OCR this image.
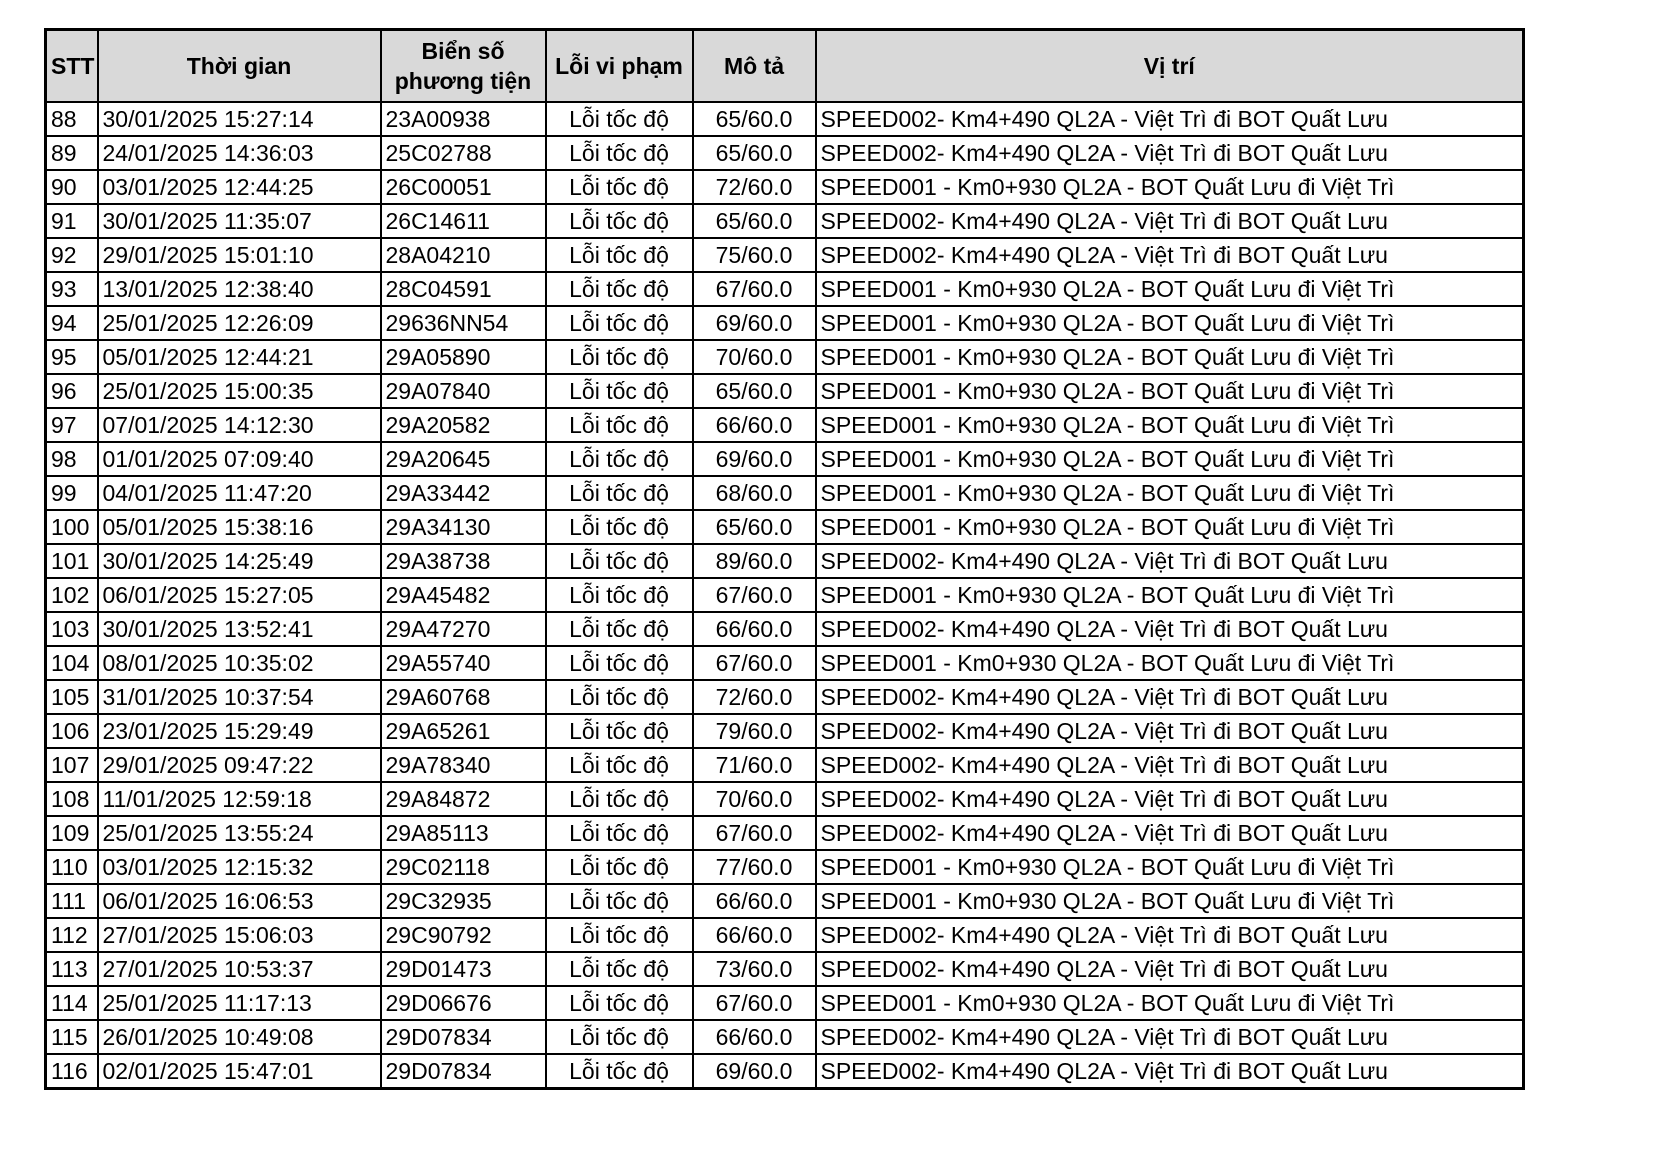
STT	Thời gian	Biển số phương tiện	Lỗi vi phạm	Mô tả	Vị trí
88	30/01/2025 15:27:14	23A00938	Lỗi tốc độ	65/60.0	SPEED002- Km4+490 QL2A - Việt Trì đi BOT Quất Lưu
89	24/01/2025 14:36:03	25C02788	Lỗi tốc độ	65/60.0	SPEED002- Km4+490 QL2A - Việt Trì đi BOT Quất Lưu
90	03/01/2025 12:44:25	26C00051	Lỗi tốc độ	72/60.0	SPEED001 - Km0+930 QL2A - BOT Quất Lưu đi Việt Trì
91	30/01/2025 11:35:07	26C14611	Lỗi tốc độ	65/60.0	SPEED002- Km4+490 QL2A - Việt Trì đi BOT Quất Lưu
92	29/01/2025 15:01:10	28A04210	Lỗi tốc độ	75/60.0	SPEED002- Km4+490 QL2A - Việt Trì đi BOT Quất Lưu
93	13/01/2025 12:38:40	28C04591	Lỗi tốc độ	67/60.0	SPEED001 - Km0+930 QL2A - BOT Quất Lưu đi Việt Trì
94	25/01/2025 12:26:09	29636NN54	Lỗi tốc độ	69/60.0	SPEED001 - Km0+930 QL2A - BOT Quất Lưu đi Việt Trì
95	05/01/2025 12:44:21	29A05890	Lỗi tốc độ	70/60.0	SPEED001 - Km0+930 QL2A - BOT Quất Lưu đi Việt Trì
96	25/01/2025 15:00:35	29A07840	Lỗi tốc độ	65/60.0	SPEED001 - Km0+930 QL2A - BOT Quất Lưu đi Việt Trì
97	07/01/2025 14:12:30	29A20582	Lỗi tốc độ	66/60.0	SPEED001 - Km0+930 QL2A - BOT Quất Lưu đi Việt Trì
98	01/01/2025 07:09:40	29A20645	Lỗi tốc độ	69/60.0	SPEED001 - Km0+930 QL2A - BOT Quất Lưu đi Việt Trì
99	04/01/2025 11:47:20	29A33442	Lỗi tốc độ	68/60.0	SPEED001 - Km0+930 QL2A - BOT Quất Lưu đi Việt Trì
100	05/01/2025 15:38:16	29A34130	Lỗi tốc độ	65/60.0	SPEED001 - Km0+930 QL2A - BOT Quất Lưu đi Việt Trì
101	30/01/2025 14:25:49	29A38738	Lỗi tốc độ	89/60.0	SPEED002- Km4+490 QL2A - Việt Trì đi BOT Quất Lưu
102	06/01/2025 15:27:05	29A45482	Lỗi tốc độ	67/60.0	SPEED001 - Km0+930 QL2A - BOT Quất Lưu đi Việt Trì
103	30/01/2025 13:52:41	29A47270	Lỗi tốc độ	66/60.0	SPEED002- Km4+490 QL2A - Việt Trì đi BOT Quất Lưu
104	08/01/2025 10:35:02	29A55740	Lỗi tốc độ	67/60.0	SPEED001 - Km0+930 QL2A - BOT Quất Lưu đi Việt Trì
105	31/01/2025 10:37:54	29A60768	Lỗi tốc độ	72/60.0	SPEED002- Km4+490 QL2A - Việt Trì đi BOT Quất Lưu
106	23/01/2025 15:29:49	29A65261	Lỗi tốc độ	79/60.0	SPEED002- Km4+490 QL2A - Việt Trì đi BOT Quất Lưu
107	29/01/2025 09:47:22	29A78340	Lỗi tốc độ	71/60.0	SPEED002- Km4+490 QL2A - Việt Trì đi BOT Quất Lưu
108	11/01/2025 12:59:18	29A84872	Lỗi tốc độ	70/60.0	SPEED002- Km4+490 QL2A - Việt Trì đi BOT Quất Lưu
109	25/01/2025 13:55:24	29A85113	Lỗi tốc độ	67/60.0	SPEED002- Km4+490 QL2A - Việt Trì đi BOT Quất Lưu
110	03/01/2025 12:15:32	29C02118	Lỗi tốc độ	77/60.0	SPEED001 - Km0+930 QL2A - BOT Quất Lưu đi Việt Trì
111	06/01/2025 16:06:53	29C32935	Lỗi tốc độ	66/60.0	SPEED001 - Km0+930 QL2A - BOT Quất Lưu đi Việt Trì
112	27/01/2025 15:06:03	29C90792	Lỗi tốc độ	66/60.0	SPEED002- Km4+490 QL2A - Việt Trì đi BOT Quất Lưu
113	27/01/2025 10:53:37	29D01473	Lỗi tốc độ	73/60.0	SPEED002- Km4+490 QL2A - Việt Trì đi BOT Quất Lưu
114	25/01/2025 11:17:13	29D06676	Lỗi tốc độ	67/60.0	SPEED001 - Km0+930 QL2A - BOT Quất Lưu đi Việt Trì
115	26/01/2025 10:49:08	29D07834	Lỗi tốc độ	66/60.0	SPEED002- Km4+490 QL2A - Việt Trì đi BOT Quất Lưu
116	02/01/2025 15:47:01	29D07834	Lỗi tốc độ	69/60.0	SPEED002- Km4+490 QL2A - Việt Trì đi BOT Quất Lưu
